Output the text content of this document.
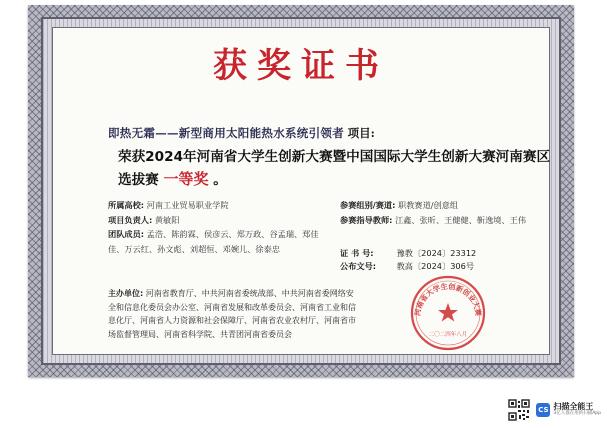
获奖证书
即热无霜——新型商用太阳能热水系统引领者 项目:
荣获2024年河南省大学生创新大赛暨中国国际大学生创新大赛河南赛区选拔赛 一等奖 。
所属高校: 河南工业贸易职业学院
项目负责人: 黄敏阳
团队成员: 孟浩、陈韵霖、侯彦云、郑万政、谷孟瑞、郑佳佳、万云红、孙文彪、刘超恒、邓婉儿、徐泰忠
参赛组别/赛道: 职教赛道/创意组
参赛指导教师: 江鑫、张昕、王健健、靳逸境、王伟
证 书 号:	豫教〔2024〕23312
公布文号:	教高〔2024〕306号
主办单位: 河南省教育厅、中共河南省委统战部、中共河南省委网络安全和信息化委员会办公室、河南省发展和改革委员会、河南省工业和信息化厅、河南省人力资源和社会保障厅、河南省农业农村厅、河南省市场监督管理局、河南省科学院、共青团河南省委员会
河南省大学生创新创业大赛
二〇二四年八月
CS 扫描全能王
3亿人都在用的扫描App
